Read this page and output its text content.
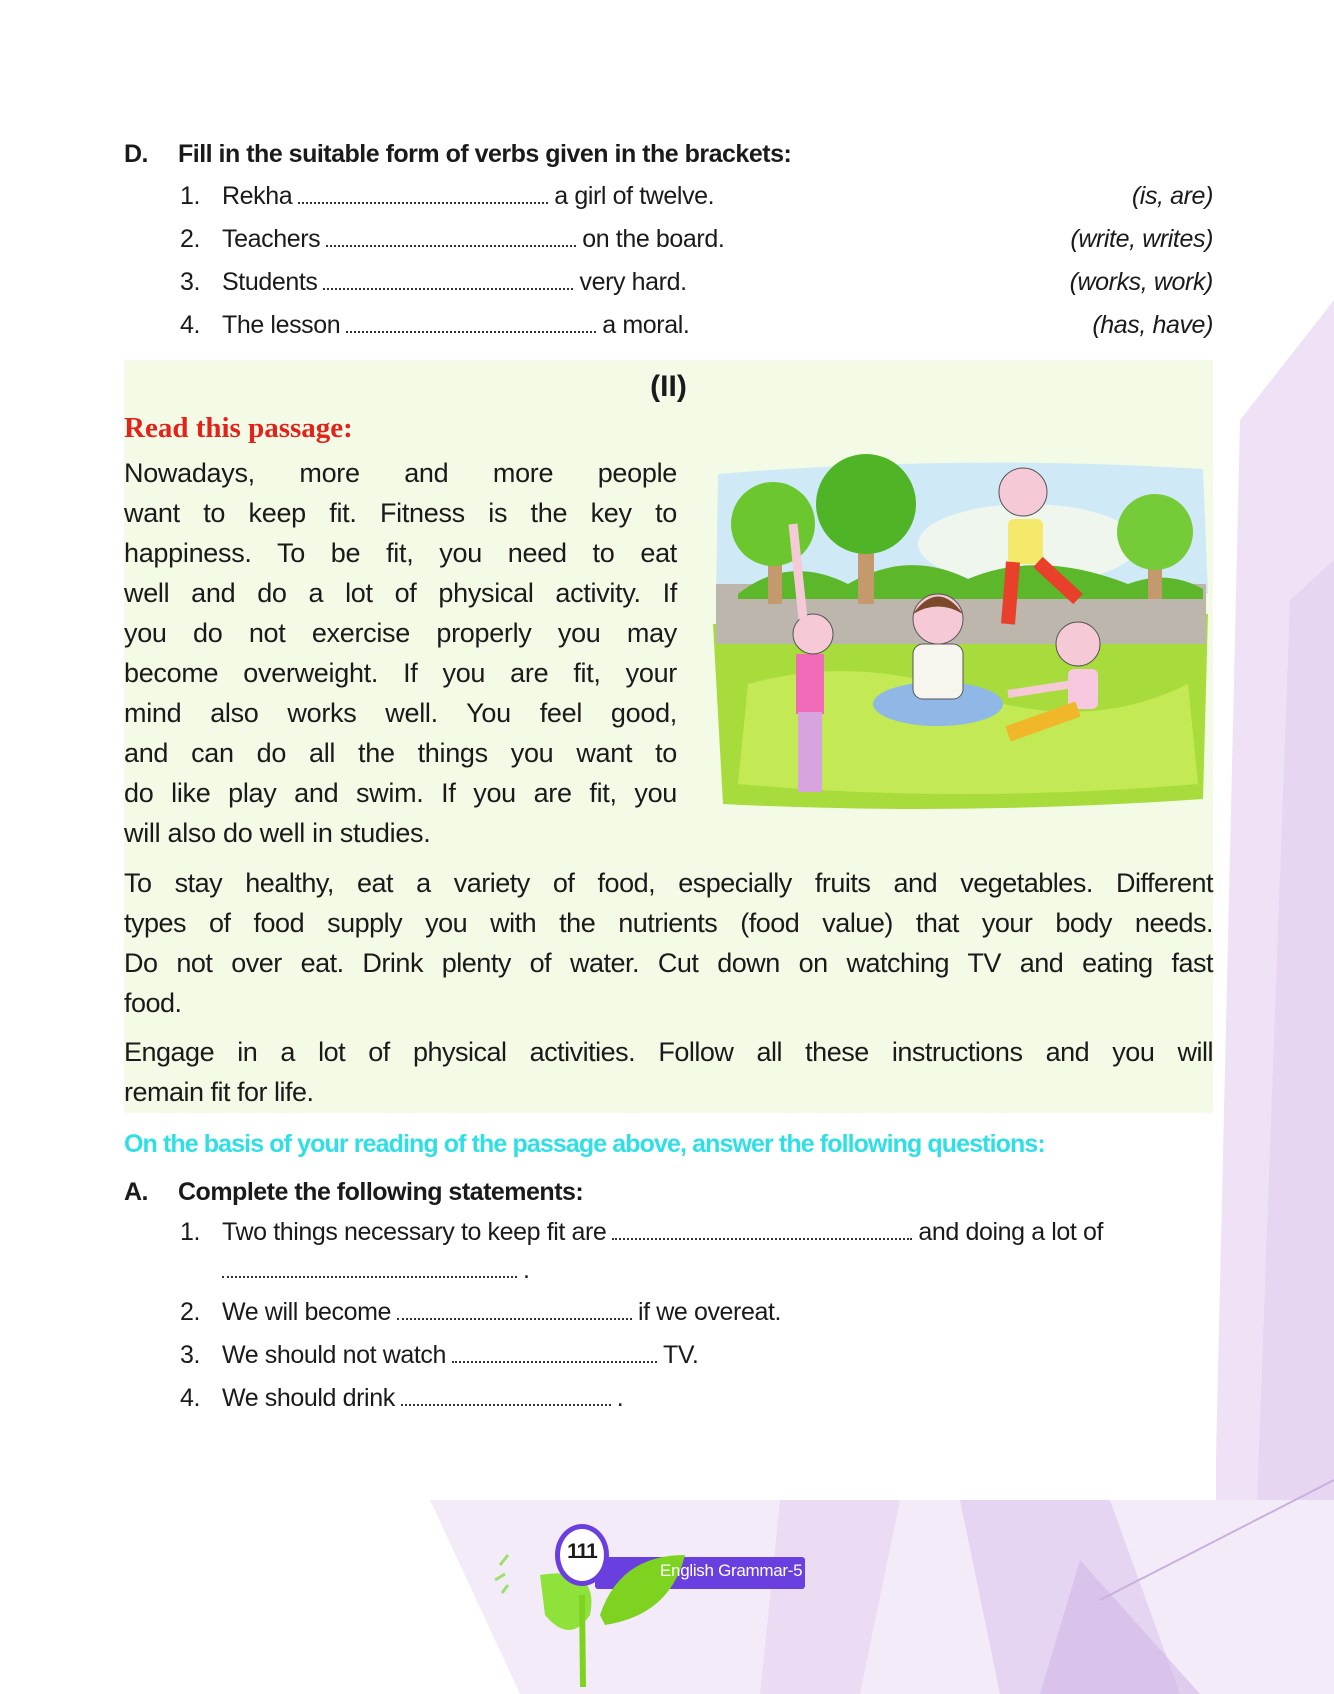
D. Fill in the suitable form of verbs given in the brackets:
1. Rekha	a girl of twelve.	(is, are)
2. Teachers	on the board.	(write, writes)
3. Students	very hard.	(works, work)
4. The lesson	a moral.	(has, have)
(II)
Read this passage:
Nowadays, more and more people
want to keep fit. Fitness is the key to
happiness. To be fit, you need to eat
well and do a lot of physical activity. If
you do not exercise properly you may
become overweight. If you are fit, your
mind also works well. You feel good,
and can do all the things you want to
do like play and swim. If you are fit, you
will also do well in studies.
To stay healthy, eat a variety of food, especially fruits and vegetables. Different
types of food supply you with the nutrients (food value) that your body needs.
Do not over eat. Drink plenty of water. Cut down on watching TV and eating fast
food.
Engage in a lot of physical activities. Follow all these instructions and you will
remain fit for life.
On the basis of your reading of the passage above, answer the following questions:
A. Complete the following statements:
1. Two things necessary to keep fit are	and doing a lot of
.
2. We will become	if we overeat.
3. We should not watch	TV.
4. We should drink	.
111
English Grammar-5
